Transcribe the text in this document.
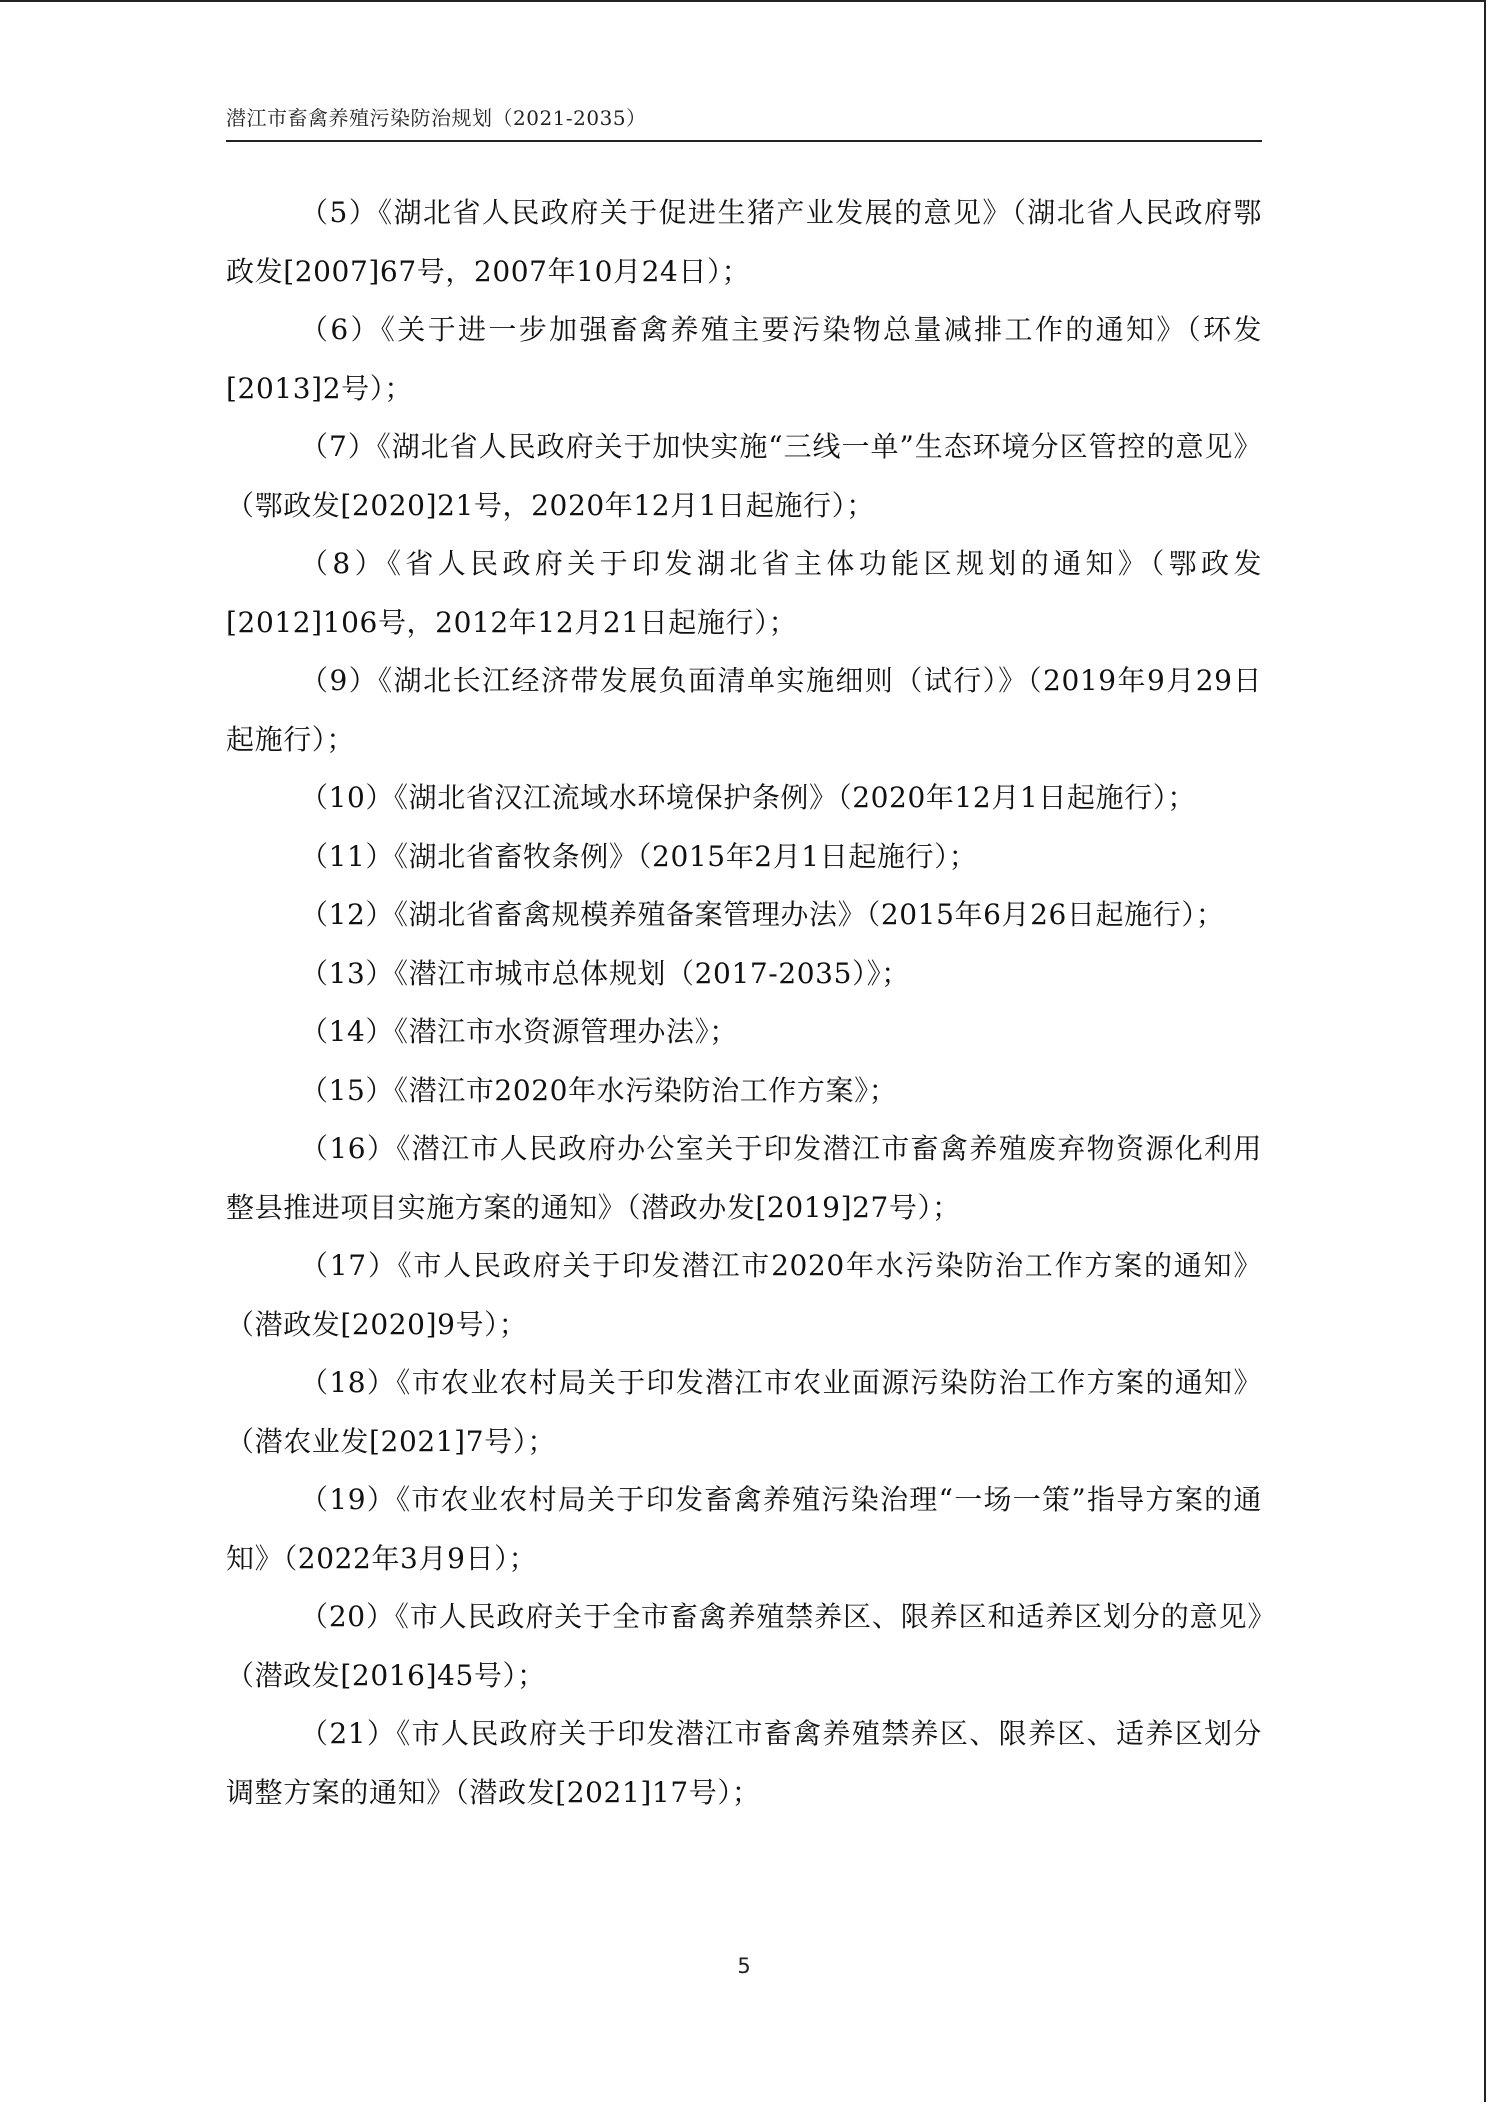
潜江市畜禽养殖污染防治规划（2021-2035）

（5）《湖北省人民政府关于促进生猪产业发展的意见》（湖北省人民政府鄂政发[2007]67号，2007年10月24日）；

（6）《关于进一步加强畜禽养殖主要污染物总量减排工作的通知》（环发[2013]2号）；

（7）《湖北省人民政府关于加快实施“三线一单”生态环境分区管控的意见》（鄂政发[2020]21号，2020年12月1日起施行）；

（8）《省人民政府关于印发湖北省主体功能区规划的通知》（鄂政发[2012]106号，2012年12月21日起施行）；

（9）《湖北长江经济带发展负面清单实施细则（试行）》（2019年9月29日起施行）；

（10）《湖北省汉江流域水环境保护条例》（2020年12月1日起施行）；

（11）《湖北省畜牧条例》（2015年2月1日起施行）；

（12）《湖北省畜禽规模养殖备案管理办法》（2015年6月26日起施行）；

（13）《潜江市城市总体规划（2017-2035）》；

（14）《潜江市水资源管理办法》；

（15）《潜江市2020年水污染防治工作方案》；

（16）《潜江市人民政府办公室关于印发潜江市畜禽养殖废弃物资源化利用整县推进项目实施方案的通知》（潜政办发[2019]27号）；

（17）《市人民政府关于印发潜江市2020年水污染防治工作方案的通知》（潜政发[2020]9号）；

（18）《市农业农村局关于印发潜江市农业面源污染防治工作方案的通知》（潜农业发[2021]7号）；

（19）《市农业农村局关于印发畜禽养殖污染治理“一场一策”指导方案的通知》（2022年3月9日）；

（20）《市人民政府关于全市畜禽养殖禁养区、限养区和适养区划分的意见》（潜政发[2016]45号）；

（21）《市人民政府关于印发潜江市畜禽养殖禁养区、限养区、适养区划分调整方案的通知》（潜政发[2021]17号）；

5
